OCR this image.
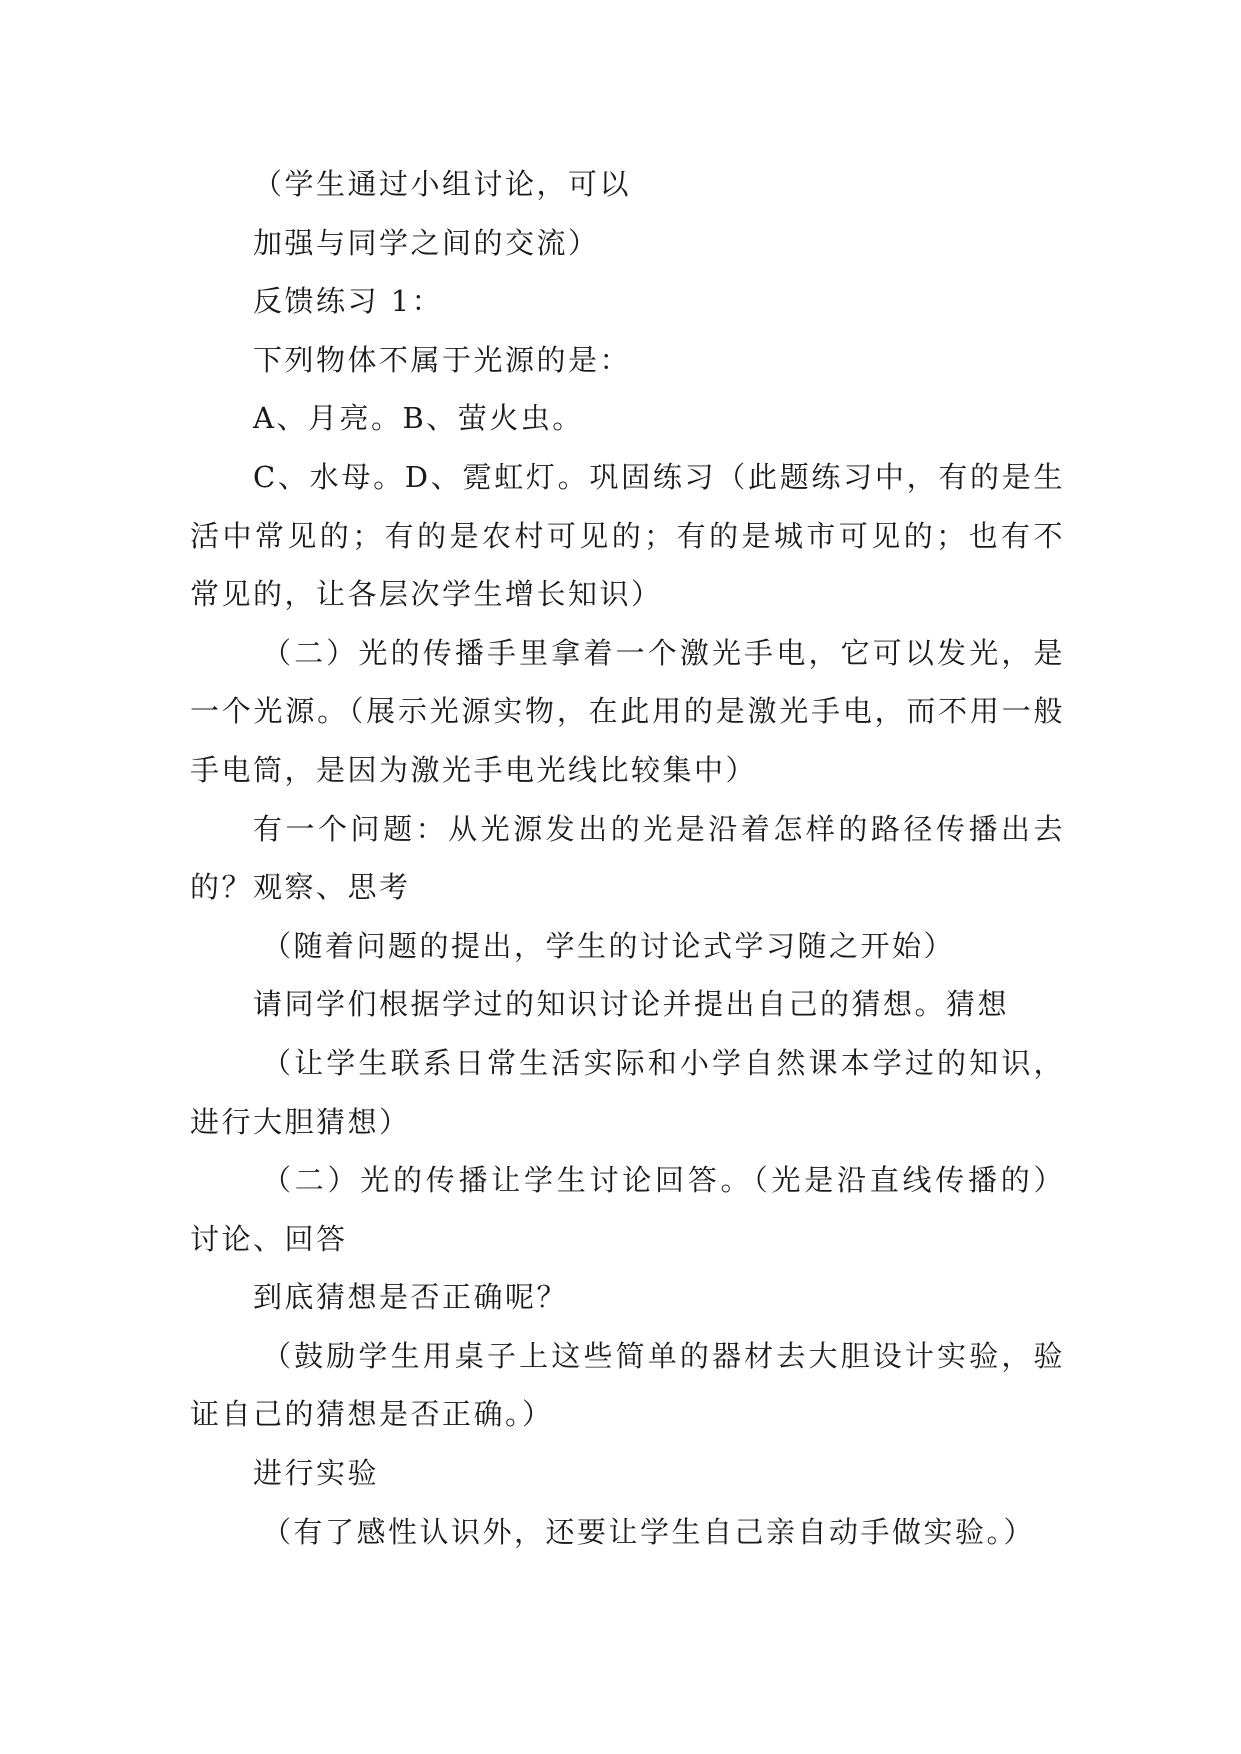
（学生通过小组讨论，可以

加强与同学之间的交流）

反馈练习 1：

下列物体不属于光源的是：

A、月亮。B、萤火虫。

C、水母。D、霓虹灯。巩固练习（此题练习中，有的是生活中常见的；有的是农村可见的；有的是城市可见的；也有不常见的，让各层次学生增长知识）

（二）光的传播手里拿着一个激光手电，它可以发光，是一个光源。（展示光源实物，在此用的是激光手电，而不用一般手电筒，是因为激光手电光线比较集中）

有一个问题：从光源发出的光是沿着怎样的路径传播出去的？观察、思考

（随着问题的提出，学生的讨论式学习随之开始）

请同学们根据学过的知识讨论并提出自己的猜想。猜想

（让学生联系日常生活实际和小学自然课本学过的知识，进行大胆猜想）

（二）光的传播让学生讨论回答。（光是沿直线传播的）讨论、回答

到底猜想是否正确呢？

（鼓励学生用桌子上这些简单的器材去大胆设计实验，验证自己的猜想是否正确。）

进行实验

（有了感性认识外，还要让学生自己亲自动手做实验。）
